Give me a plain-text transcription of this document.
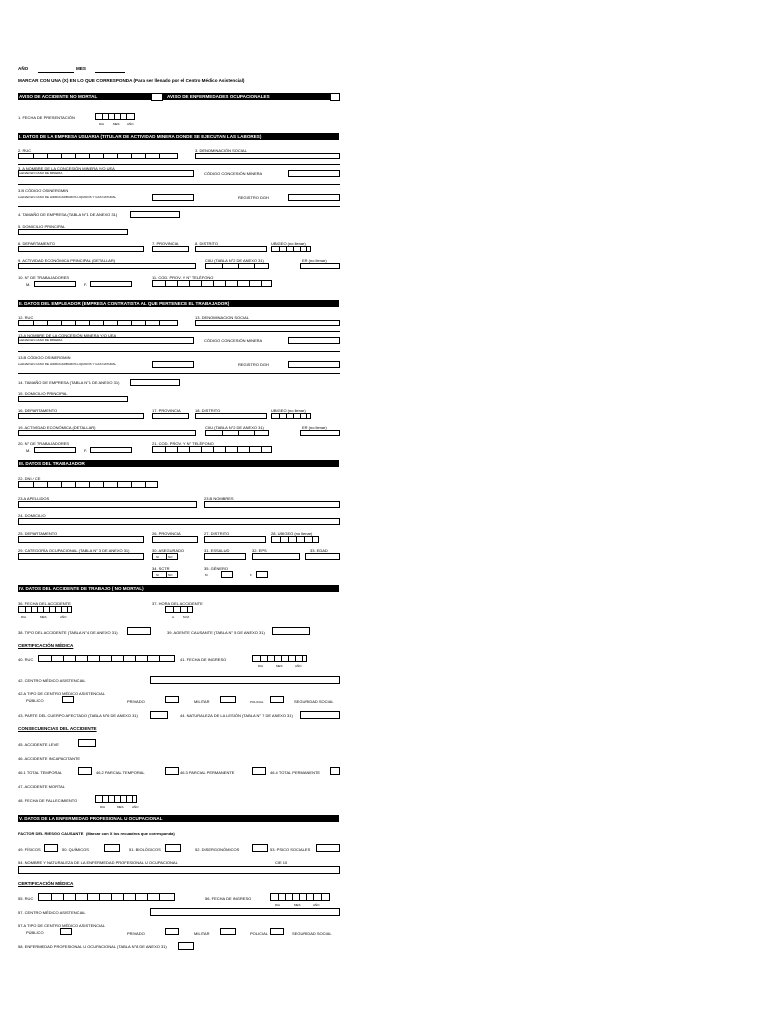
AÑO	MES
MARCAR CON UNA (X) EN LO QUE CORRESPONDA (Para ser llenado por el Centro Médico Asistencial)
AVISO DE ACCIDENTE NO MORTAL	AVISO DE ENFERMEDADES OCUPACIONALES
1. FECHA DE PRESENTACIÓN
DIA	MES AÑO
I. DATOS DE LA EMPRESA USUARIA (TITULAR DE ACTIVIDAD MINERA DONDE SE EJECUTAN LAS LABORES)
2. RUC	3. DENOMINACIÓN SOCIAL
3. A NOMBRE DE LA CONCESIÓN MINERA Y/O UEA
LLENAR EN CASO DE MINERIA	CÓDIGO CONCESIÓN MINERA
3.B CÓDIGO OSINERGMIN
LLENAR EN CASO DE HIDROCARBUROS LIQUIDOS Y GAS NATURAL	REGISTRO DGH
4. TAMAÑO DE EMPRESA (TABLA N°1 DE ANEXO 31)
5. DOMICILIO PRINCIPAL
6. DEPARTAMENTO	7. PROVINCIA	8. DISTRITO	UBIGEO (no llenar)
9. ACTIVIDAD ECONÓMICA PRINCIPAL (DETALLAR)	CIIU (TABLA N°2 DE ANEXO 31)	ER (no llenar)
10. N° DE TRABAJADORES	11. COD. PROV. Y N° TELÉFONO
M.	F.
II. DATOS DEL EMPLEADOR (EMPRESA CONTRATISTA AL QUE PERTENECE EL TRABAJADOR)
12. RUC	13. DENOMINACION SOCIAL
13.A NOMBRE DE LA CONCESIÓN MINERA Y/O UEA
LLENAR EN CASO DE MINERIA	CÓDIGO CONCESIÓN MINERA
13.B CÓDIGO OSINERGMIN
LLENAR EN CASO DE HIDROCARBUROS LIQUIDOS Y GAS NATURAL	REGISTRO DGH
14. TAMAÑO DE EMPRESA (TABLA N°1 DE ANEXO 31)
15. DOMICILIO PRINCIPAL
16. DEPARTAMENTO	17. PROVINCIA	18. DISTRITO	UBIGEO (no llenar)
19. ACTIVIDAD ECONÓMICA (DETALLAR)	CIIU (TABLA N°2 DE ANEXO 31)	ER (no llenar)
20. N° DE TRABAJADORES	21. COD. PROV. Y N° TELÉFONO
M.	F.
III. DATOS DEL TRABAJADOR
22. DNI / CE
23.A APELLIDOS	23.B NOMBRES
24. DOMICILIO
25. DEPARTAMENTO	26. PROVINCIA	27. DISTRITO	28. UBIGEO (no llenar)
29. CATEGORÍA OCUPACIONAL (TABLA N° 3 DE ANEXO 31)	30. ASEGURADO	31. ESSALUD	32. EPS	33. EDAD
SI	NO
34. SCTR	35. GÉNERO
SI	NO	M	F
IV. DATOS DEL ACCIDENTE DE TRABAJO ( NO MORTAL)
36. FECHA DEL ACCIDENTE	37. HORA DEL ACCIDENTE
DIA	MES	AÑO	A	M.M
38. TIPO DEL ACCIDENTE (TABLA N°4 DE ANEXO 31)	39. AGENTE CAUSANTE (TABLA N° 5 DE ANEXO 31)
CERTIFICACIÓN MÉDICA
40. RUC	41. FECHA DE INGRESO
DIA	MES	AÑO
42. CENTRO MÉDICO ASISTENCIAL
42.A TIPO DE CENTRO MÉDICO ASISTENCIAL
PÚBLICO	PRIVADO	MILITAR	POLICIAL	SEGURIDAD SOCIAL
43. PARTE DEL CUERPO AFECTADO (TABLA N°6 DE ANEXO 31)	44. NATURALEZA DE LA LESIÓN (TABLA N° 7 DE ANEXO 31)
CONSECUENCIAS DEL ACCIDENTE
45. ACCIDENTE LEVE
46. ACCIDENTE INCAPACITANTE
46.1 TOTAL TEMPORAL	46.2 PARCIAL TEMPORAL	46.3 PARCIAL PERMANENTE	46.4 TOTAL PERMANENTE
47. ACCIDENTE MORTAL
48. FECHA DE FALLECIMIENTO
DIA	MES	AÑO
V. DATOS DE LA ENFERMEDAD PROFESIONAL U OCUPACIONAL
FACTOR DEL RIESGO CAUSANTE (Marcar con X los recuadros que corresponda)
49. FÍSICOS	50. QUÍMICOS	51. BIOLÓGICOS	52. DISERGONÓMICOS	53. PSICO SOCIALES
54. NOMBRE Y NATURALEZA DE LA ENFERMEDAD PROFESIONAL U OCUPACIONAL	CIE 10
CERTIFICACIÓN MÉDICA
55. RUC	56. FECHA DE INGRESO
DIA	MES	AÑO
57. CENTRO MÉDICO ASISTENCIAL
57.A TIPO DE CENTRO MÉDICO ASISTENCIAL
PÚBLICO	PRIVADO	MILITAR	POLICIAL	SEGURIDAD SOCIAL
58. ENFERMEDAD PROFESIONAL U OCUPACIONAL (TABLA N°8 DE ANEXO 31)
